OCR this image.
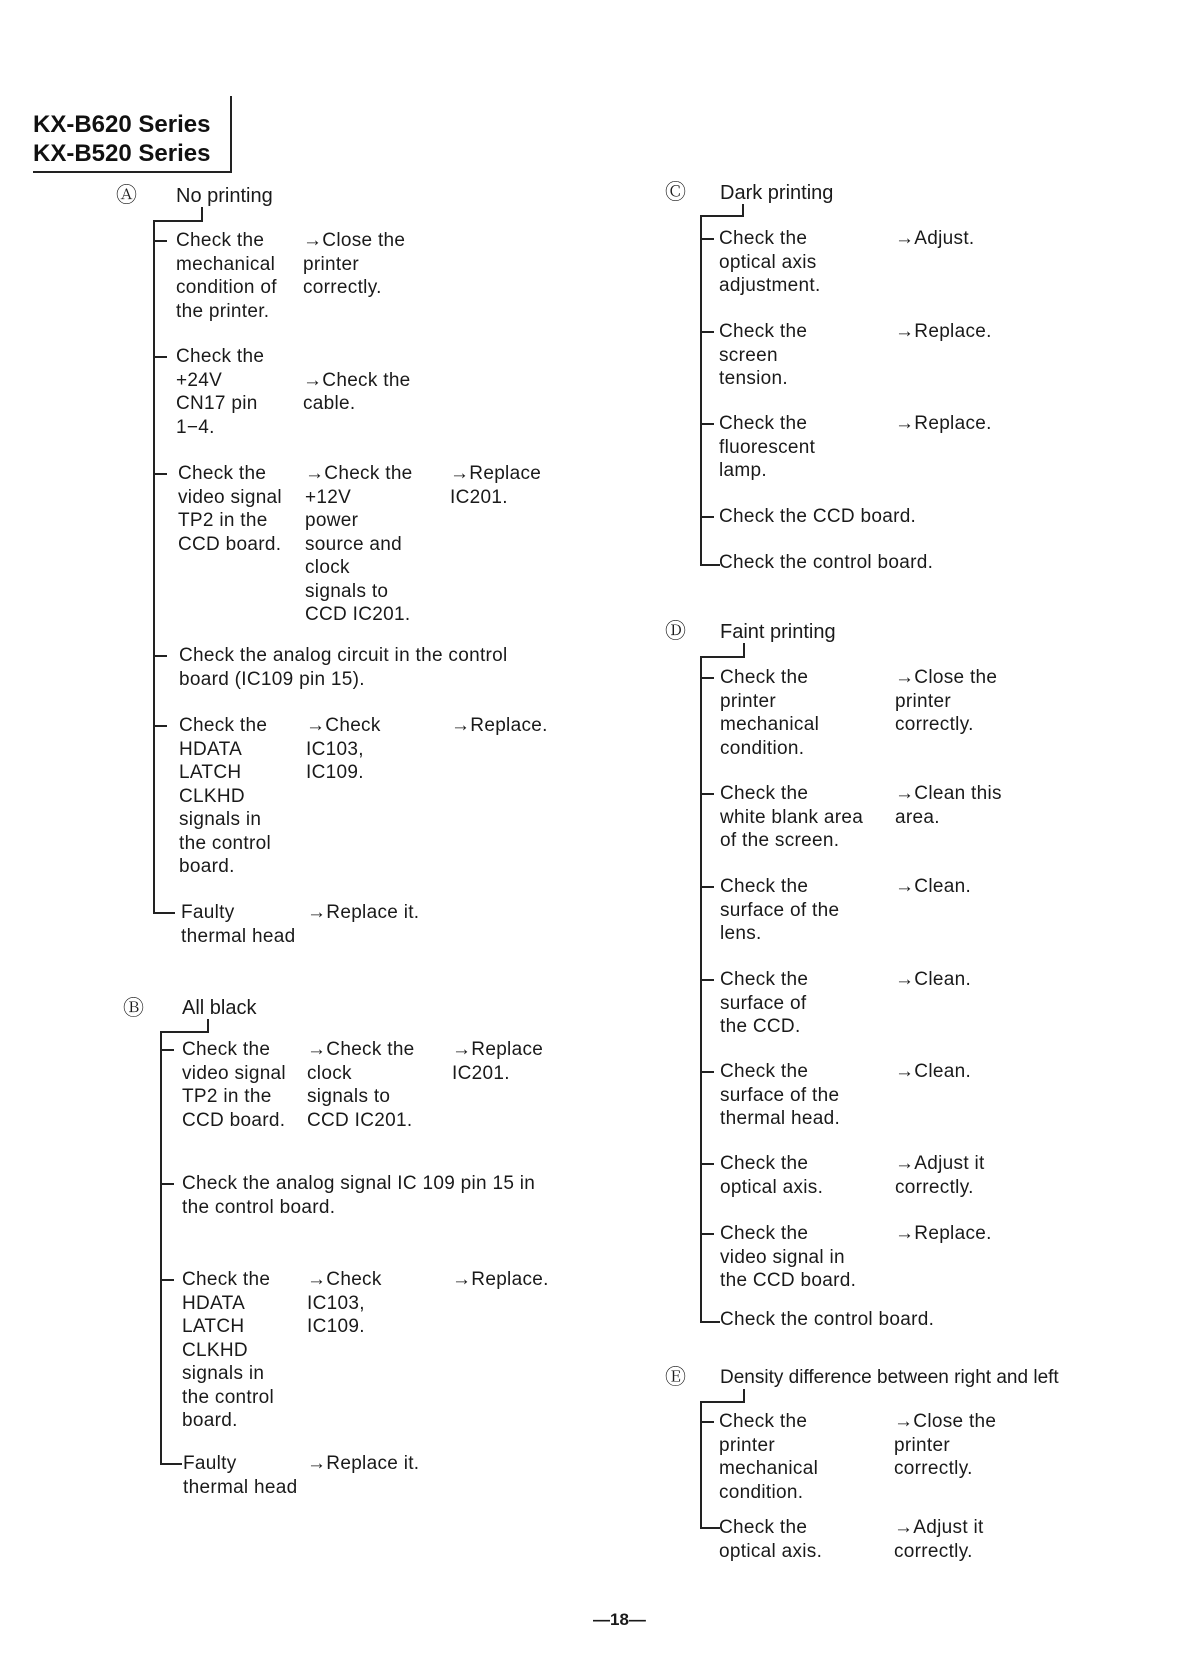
KX-B620 Series
KX-B520 Series
Ⓐ No printing
Check the
mechanical
condition of
the printer.
→Close the
printer
correctly.
Check the
+24V
CN17 pin
1−4.

→Check the
cable.
Check the
video signal
TP2 in the
CCD board.
→Check the
+12V
power
source and
clock
signals to
CCD IC201.
→Replace
IC201.
Check the analog circuit in the control
board (IC109 pin 15).
Check the
HDATA
LATCH
CLKHD
signals in
the control
board.
→Check
IC103,
IC109.
→Replace.
Faulty
thermal head
→Replace it.
Ⓑ All black
Check the
video signal
TP2 in the
CCD board.
→Check the
clock
signals to
CCD IC201.
→Replace
IC201.
Check the analog signal IC 109 pin 15 in
the control board.
Check the
HDATA
LATCH
CLKHD
signals in
the control
board.
→Check
IC103,
IC109.
→Replace.
Faulty
thermal head
→Replace it.
Ⓒ Dark printing
Check the
optical axis
adjustment.
→Adjust.
Check the
screen
tension.
→Replace.
Check the
fluorescent
lamp.
→Replace.
Check the CCD board.
Check the control board.
Ⓓ Faint printing
Check the
printer
mechanical
condition.
→Close the
printer
correctly.
Check the
white blank area
of the screen.
→Clean this
area.
Check the
surface of the
lens.
→Clean.
Check the
surface of
the CCD.
→Clean.
Check the
surface of the
thermal head.
→Clean.
Check the
optical axis.
→Adjust it
correctly.
Check the
video signal in
the CCD board.
→Replace.
Check the control board.
Ⓔ Density difference between right and left
Check the
printer
mechanical
condition.
→Close the
printer
correctly.
Check the
optical axis.
→Adjust it
correctly.
—18—
